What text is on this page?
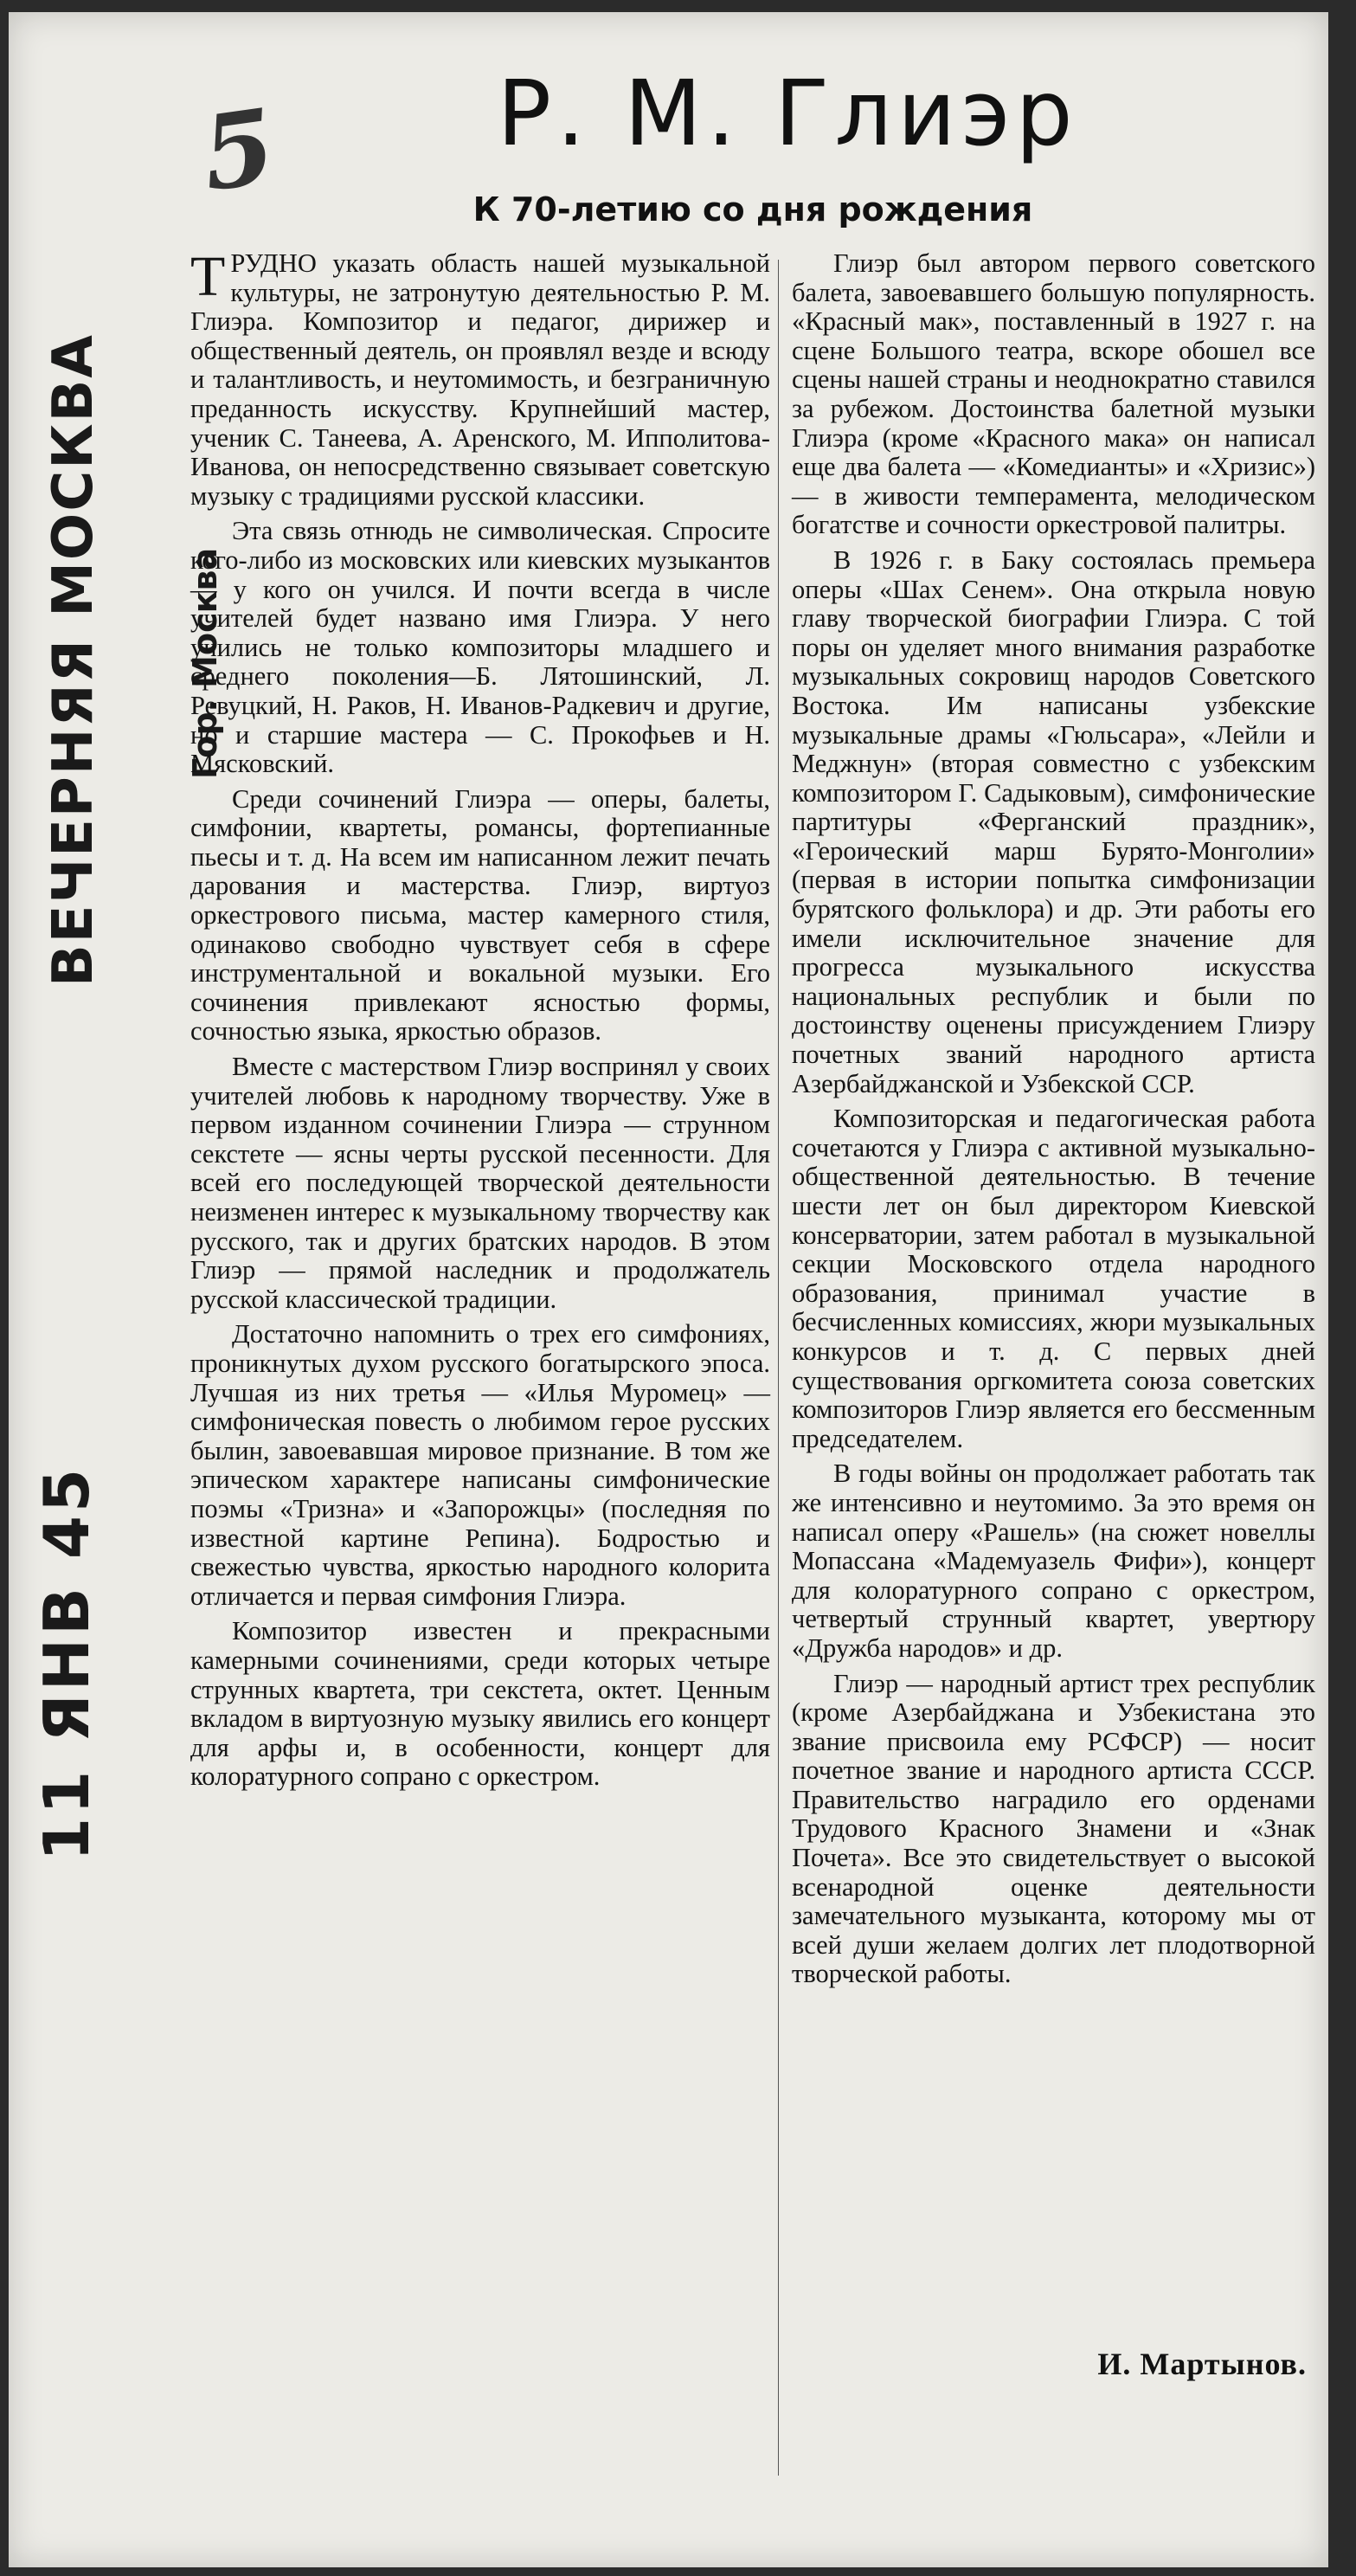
5
ВЕЧЕРНЯЯ МОСКВА Гор. Москва
11 ЯНВ 45
Р. М. Глиэр
К 70-летию со дня рождения

ТРУДНО указать область нашей музыкальной культуры, не затронутую деятельностью Р. М. Глиэра. Композитор и педагог, дирижер и общественный деятель, он проявлял везде и всюду и талантливость, и неутомимость, и безграничную преданность искусству. Крупнейший мастер, ученик С. Танеева, А. Аренского, М. Ипполитова-Иванова, он непосредственно связывает советскую музыку с традициями русской классики.

Эта связь отнюдь не символическая. Спросите кого-либо из московских или киевских музыкантов — у кого он учился. И почти всегда в числе учителей будет названо имя Глиэра. У него учились не только композиторы младшего и среднего поколения—Б. Лятошинский, Л. Ревуцкий, Н. Раков, Н. Иванов-Радкевич и другие, но и старшие мастера — С. Прокофьев и Н. Мясковский.

Среди сочинений Глиэра — оперы, балеты, симфонии, квартеты, романсы, фортепианные пьесы и т. д. На всем им написанном лежит печать дарования и мастерства. Глиэр, виртуоз оркестрового письма, мастер камерного стиля, одинаково свободно чувствует себя в сфере инструментальной и вокальной музыки. Его сочинения привлекают ясностью формы, сочностью языка, яркостью образов.

Вместе с мастерством Глиэр воспринял у своих учителей любовь к народному творчеству. Уже в первом изданном сочинении Глиэра — струнном секстете — ясны черты русской песенности. Для всей его последующей творческой деятельности неизменен интерес к музыкальному творчеству как русского, так и других братских народов. В этом Глиэр — прямой наследник и продолжатель русской классической традиции.

Достаточно напомнить о трех его симфониях, проникнутых духом русского богатырского эпоса. Лучшая из них третья — «Илья Муромец» — симфоническая повесть о любимом герое русских былин, завоевавшая мировое признание. В том же эпическом характере написаны симфонические поэмы «Тризна» и «Запорожцы» (последняя по известной картине Репина). Бодростью и свежестью чувства, яркостью народного колорита отличается и первая симфония Глиэра.

Композитор известен и прекрасными камерными сочинениями, среди которых четыре струнных квартета, три секстета, октет. Ценным вкладом в виртуозную музыку явились его концерт для арфы и, в особенности, концерт для колоратурного сопрано с оркестром.

Глиэр был автором первого советского балета, завоевавшего большую популярность. «Красный мак», поставленный в 1927 г. на сцене Большого театра, вскоре обошел все сцены нашей страны и неоднократно ставился за рубежом. Достоинства балетной музыки Глиэра (кроме «Красного мака» он написал еще два балета — «Комедианты» и «Хризис») — в живости темперамента, мелодическом богатстве и сочности оркестровой палитры.

В 1926 г. в Баку состоялась премьера оперы «Шах Сенем». Она открыла новую главу творческой биографии Глиэра. С той поры он уделяет много внимания разработке музыкальных сокровищ народов Советского Востока. Им написаны узбекские музыкальные драмы «Гюльсара», «Лейли и Меджнун» (вторая совместно с узбекским композитором Г. Садыковым), симфонические партитуры «Ферганский праздник», «Героический марш Бурято-Монголии» (первая в истории попытка симфонизации бурятского фольклора) и др. Эти работы его имели исключительное значение для прогресса музыкального искусства национальных республик и были по достоинству оценены присуждением Глиэру почетных званий народного артиста Азербайджанской и Узбекской ССР.

Композиторская и педагогическая работа сочетаются у Глиэра с активной музыкально-общественной деятельностью. В течение шести лет он был директором Киевской консерватории, затем работал в музыкальной секции Московского отдела народного образования, принимал участие в бесчисленных комиссиях, жюри музыкальных конкурсов и т. д. С первых дней существования оргкомитета союза советских композиторов Глиэр является его бессменным председателем.

В годы войны он продолжает работать так же интенсивно и неутомимо. За это время он написал оперу «Рашель» (на сюжет новеллы Мопассана «Мадемуазель Фифи»), концерт для колоратурного сопрано с оркестром, четвертый струнный квартет, увертюру «Дружба народов» и др.

Глиэр — народный артист трех республик (кроме Азербайджана и Узбекистана это звание присвоила ему РСФСР) — носит почетное звание и народного артиста СССР. Правительство наградило его орденами Трудового Красного Знамени и «Знак Почета». Все это свидетельствует о высокой всенародной оценке деятельности замечательного музыканта, которому мы от всей души желаем долгих лет плодотворной творческой работы.

И. Мартынов.
